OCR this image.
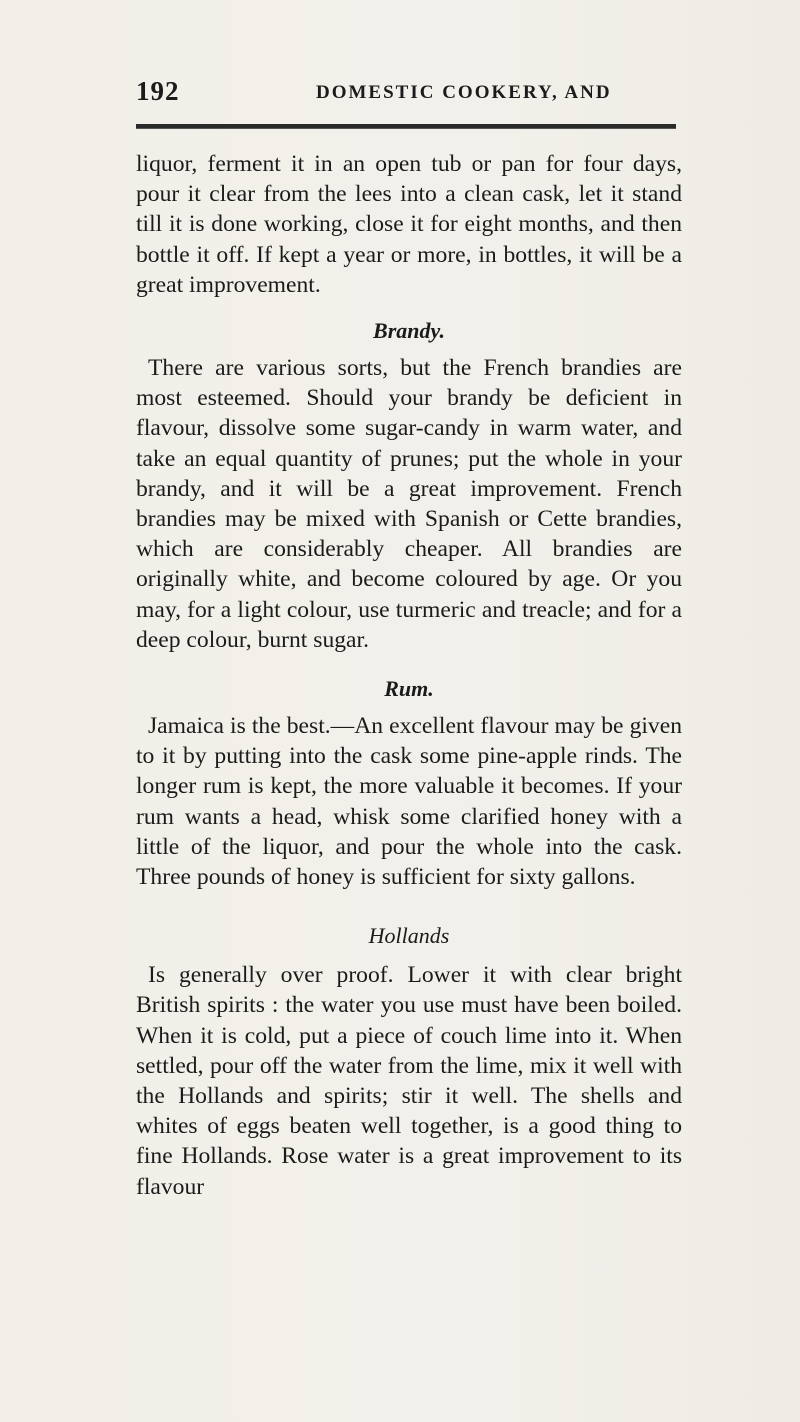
192	DOMESTIC COOKERY, AND

liquor, ferment it in an open tub or pan for four days, pour it clear from the lees into a clean cask, let it stand till it is done working, close it for eight months, and then bottle it off. If kept a year or more, in bottles, it will be a great improvement.

Brandy.

There are various sorts, but the French brandies are most esteemed. Should your brandy be deficient in flavour, dissolve some sugar-candy in warm water, and take an equal quantity of prunes; put the whole in your brandy, and it will be a great improvement. French brandies may be mixed with Spanish or Cette brandies, which are considerably cheaper. All brandies are originally white, and become coloured by age. Or you may, for a light colour, use turmeric and treacle; and for a deep colour, burnt sugar.

Rum.

Jamaica is the best.—An excellent flavour may be given to it by putting into the cask some pine-apple rinds. The longer rum is kept, the more valuable it becomes. If your rum wants a head, whisk some clarified honey with a little of the liquor, and pour the whole into the cask. Three pounds of honey is sufficient for sixty gallons.

Hollands

Is generally over proof. Lower it with clear bright British spirits : the water you use must have been boiled. When it is cold, put a piece of couch lime into it. When settled, pour off the water from the lime, mix it well with the Hollands and spirits; stir it well. The shells and whites of eggs beaten well together, is a good thing to fine Hollands. Rose water is a great improvement to its flavour
